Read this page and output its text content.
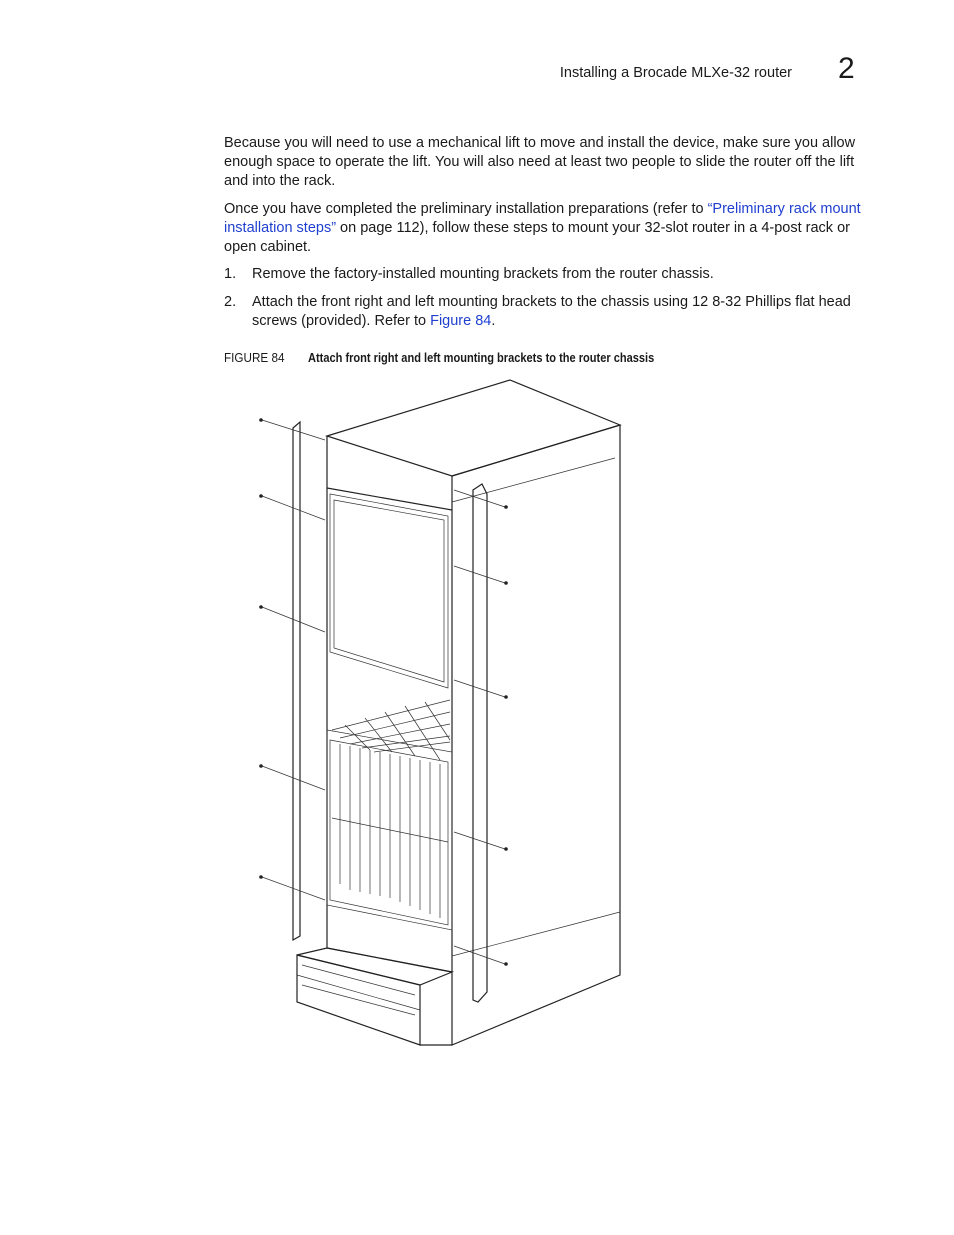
Installing a Brocade MLXe-32 router 2

Because you will need to use a mechanical lift to move and install the device, make sure you allow enough space to operate the lift. You will also need at least two people to slide the router off the lift and into the rack.

Once you have completed the preliminary installation preparations (refer to “Preliminary rack mount installation steps” on page 112), follow these steps to mount your 32-slot router in a 4-post rack or open cabinet.

1. Remove the factory-installed mounting brackets from the router chassis.
2. Attach the front right and left mounting brackets to the chassis using 12 8-32 Phillips flat head screws (provided). Refer to Figure 84.
FIGURE 84 Attach front right and left mounting brackets to the router chassis
